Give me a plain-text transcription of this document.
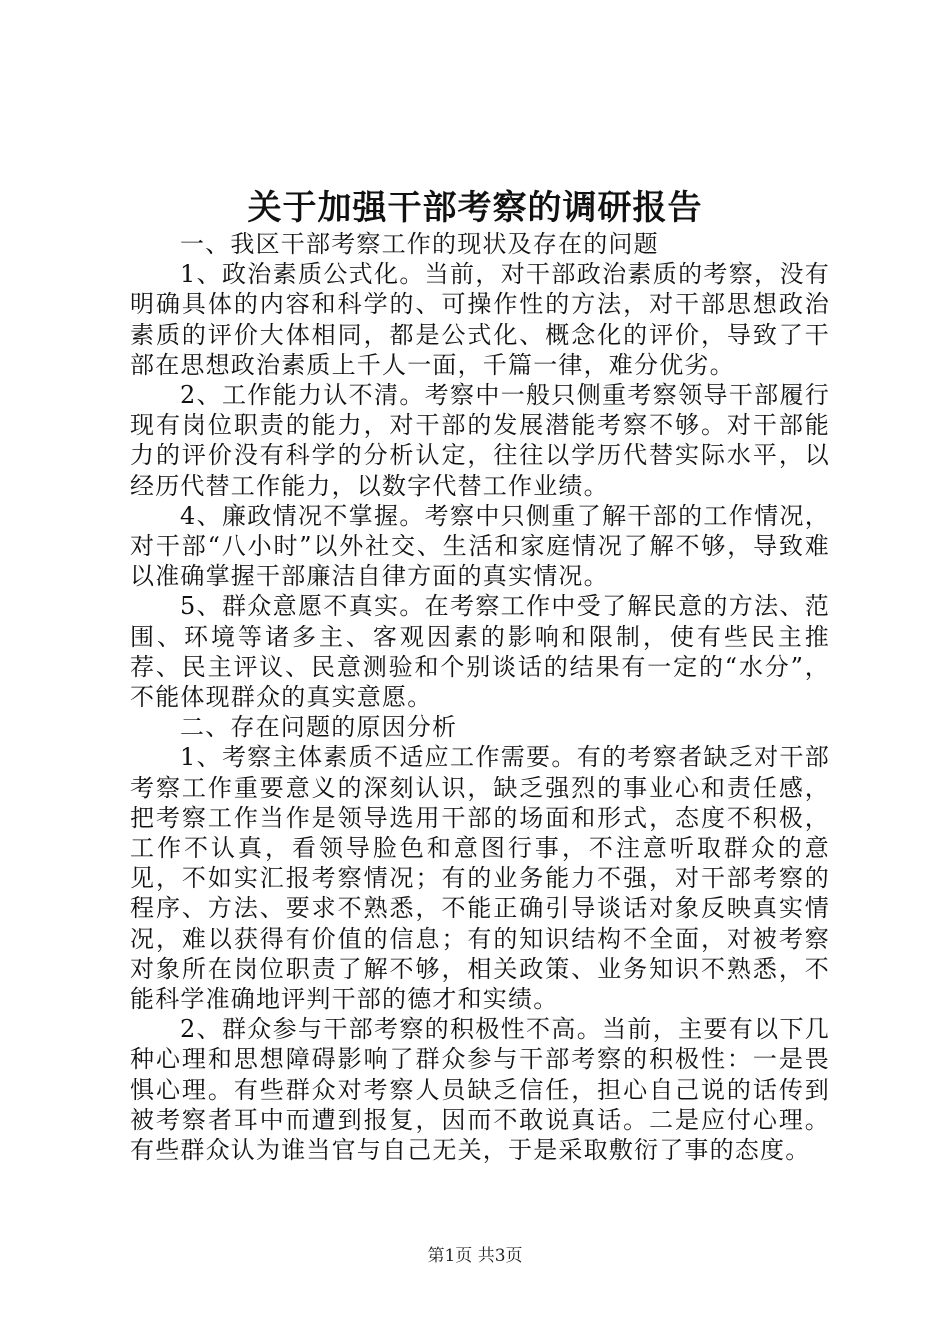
关于加强干部考察的调研报告

一、我区干部考察工作的现状及存在的问题

1、政治素质公式化。当前，对干部政治素质的考察，没有明确具体的内容和科学的、可操作性的方法，对干部思想政治素质的评价大体相同，都是公式化、概念化的评价，导致了干部在思想政治素质上千人一面，千篇一律，难分优劣。

2、工作能力认不清。考察中一般只侧重考察领导干部履行现有岗位职责的能力，对干部的发展潜能考察不够。对干部能力的评价没有科学的分析认定，往往以学历代替实际水平，以经历代替工作能力，以数字代替工作业绩。

4、廉政情况不掌握。考察中只侧重了解干部的工作情况，对干部“八小时”以外社交、生活和家庭情况了解不够，导致难以准确掌握干部廉洁自律方面的真实情况。

5、群众意愿不真实。在考察工作中受了解民意的方法、范围、环境等诸多主、客观因素的影响和限制，使有些民主推荐、民主评议、民意测验和个别谈话的结果有一定的“水分”，不能体现群众的真实意愿。

二、存在问题的原因分析

1、考察主体素质不适应工作需要。有的考察者缺乏对干部考察工作重要意义的深刻认识，缺乏强烈的事业心和责任感，把考察工作当作是领导选用干部的场面和形式，态度不积极，工作不认真，看领导脸色和意图行事，不注意听取群众的意见，不如实汇报考察情况；有的业务能力不强，对干部考察的程序、方法、要求不熟悉，不能正确引导谈话对象反映真实情况，难以获得有价值的信息；有的知识结构不全面，对被考察对象所在岗位职责了解不够，相关政策、业务知识不熟悉，不能科学准确地评判干部的德才和实绩。

2、群众参与干部考察的积极性不高。当前，主要有以下几种心理和思想障碍影响了群众参与干部考察的积极性：一是畏惧心理。有些群众对考察人员缺乏信任，担心自己说的话传到被考察者耳中而遭到报复，因而不敢说真话。二是应付心理。有些群众认为谁当官与自己无关，于是采取敷衍了事的态度。

第1页 共3页
